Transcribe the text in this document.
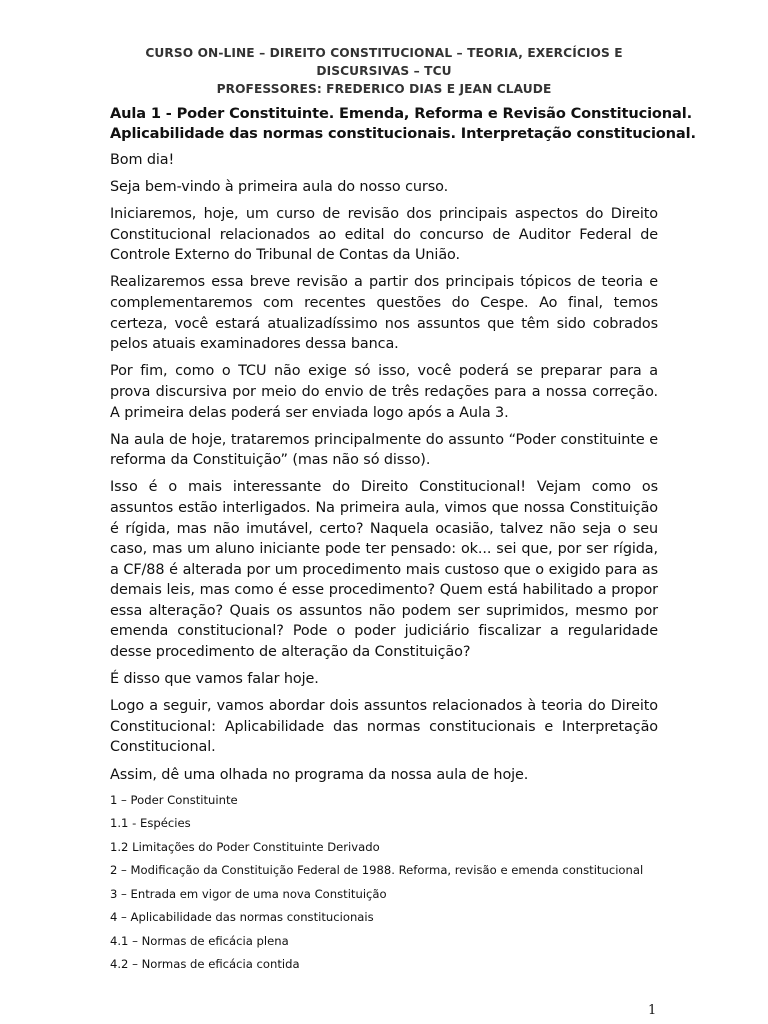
CURSO ON-LINE – DIREITO CONSTITUCIONAL – TEORIA, EXERCÍCIOS E
DISCURSIVAS – TCU
PROFESSORES: FREDERICO DIAS E JEAN CLAUDE
Aula 1 - Poder Constituinte. Emenda, Reforma e Revisão Constitucional.
Aplicabilidade das normas constitucionais. Interpretação constitucional.

Bom dia!

Seja bem-vindo à primeira aula do nosso curso.

Iniciaremos, hoje, um curso de revisão dos principais aspectos do Direito Constitucional relacionados ao edital do concurso de Auditor Federal de Controle Externo do Tribunal de Contas da União.

Realizaremos essa breve revisão a partir dos principais tópicos de teoria e complementaremos com recentes questões do Cespe. Ao final, temos certeza, você estará atualizadíssimo nos assuntos que têm sido cobrados pelos atuais examinadores dessa banca.

Por fim, como o TCU não exige só isso, você poderá se preparar para a prova discursiva por meio do envio de três redações para a nossa correção. A primeira delas poderá ser enviada logo após a Aula 3.

Na aula de hoje, trataremos principalmente do assunto “Poder constituinte e reforma da Constituição” (mas não só disso).

Isso é o mais interessante do Direito Constitucional! Vejam como os assuntos estão interligados. Na primeira aula, vimos que nossa Constituição é rígida, mas não imutável, certo? Naquela ocasião, talvez não seja o seu caso, mas um aluno iniciante pode ter pensado: ok... sei que, por ser rígida, a CF/88 é alterada por um procedimento mais custoso que o exigido para as demais leis, mas como é esse procedimento? Quem está habilitado a propor essa alteração? Quais os assuntos não podem ser suprimidos, mesmo por emenda constitucional? Pode o poder judiciário fiscalizar a regularidade desse procedimento de alteração da Constituição?

É disso que vamos falar hoje.

Logo a seguir, vamos abordar dois assuntos relacionados à teoria do Direito Constitucional: Aplicabilidade das normas constitucionais e Interpretação Constitucional.

Assim, dê uma olhada no programa da nossa aula de hoje.

1 – Poder Constituinte

1.1 - Espécies

1.2 Limitações do Poder Constituinte Derivado

2 – Modificação da Constituição Federal de 1988. Reforma, revisão e emenda constitucional

3 – Entrada em vigor de uma nova Constituição

4 – Aplicabilidade das normas constitucionais

4.1 – Normas de eficácia plena

4.2 – Normas de eficácia contida

1
